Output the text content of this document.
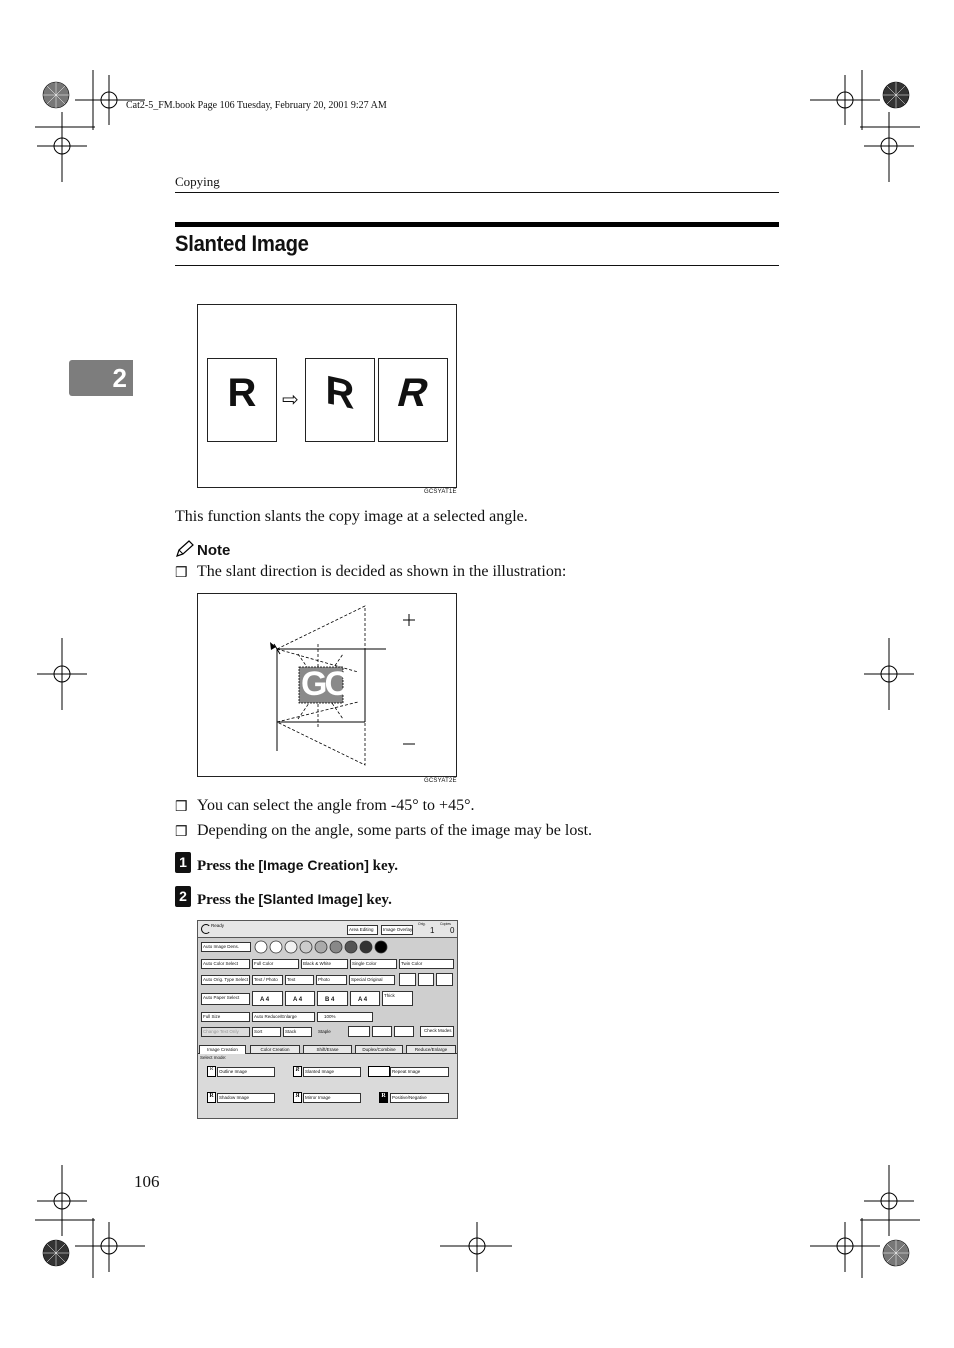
Cat2-5_FM.book Page 106 Tuesday, February 20, 2001 9:27 AM
Copying
Slanted Image
2	R	⇨ R R
GCSYAT1E
This function slants the copy image at a selected angle.
Note
❒ The slant direction is decided as shown in the illustration:
GC
GCSYAT2E
❒ You can select the angle from -45° to +45°.
❒ Depending on the angle, some parts of the image may be lost.
1 Press the [Image Creation] key.
2 Press the [Slanted Image] key.
Ready
Area Editing	Image Overlay
Orig.
1
Copies
0
Auto Image Dens.
Auto Color Select	Full Color	Black & White	Single Color	Twin Color
Auto Orig. Type Select	Text / Photo	Text	Photo	Special Original
Auto Paper Select	A 4	A 4	B 4	A 4
Thick
Full Size	Auto Reduce/Enlarge	100%
Change Text Only	Sort	Stack	Staple	Check Modes
Image Creation	Color Creation	Shift/Erase	Duplex/Combine	Reduce/Enlarge
Select mode:
R	Outline Image	R	Slanted Image	Repeat Image
R	Shadow Image	R	Mirror Image	R	Positive/Negative
106
